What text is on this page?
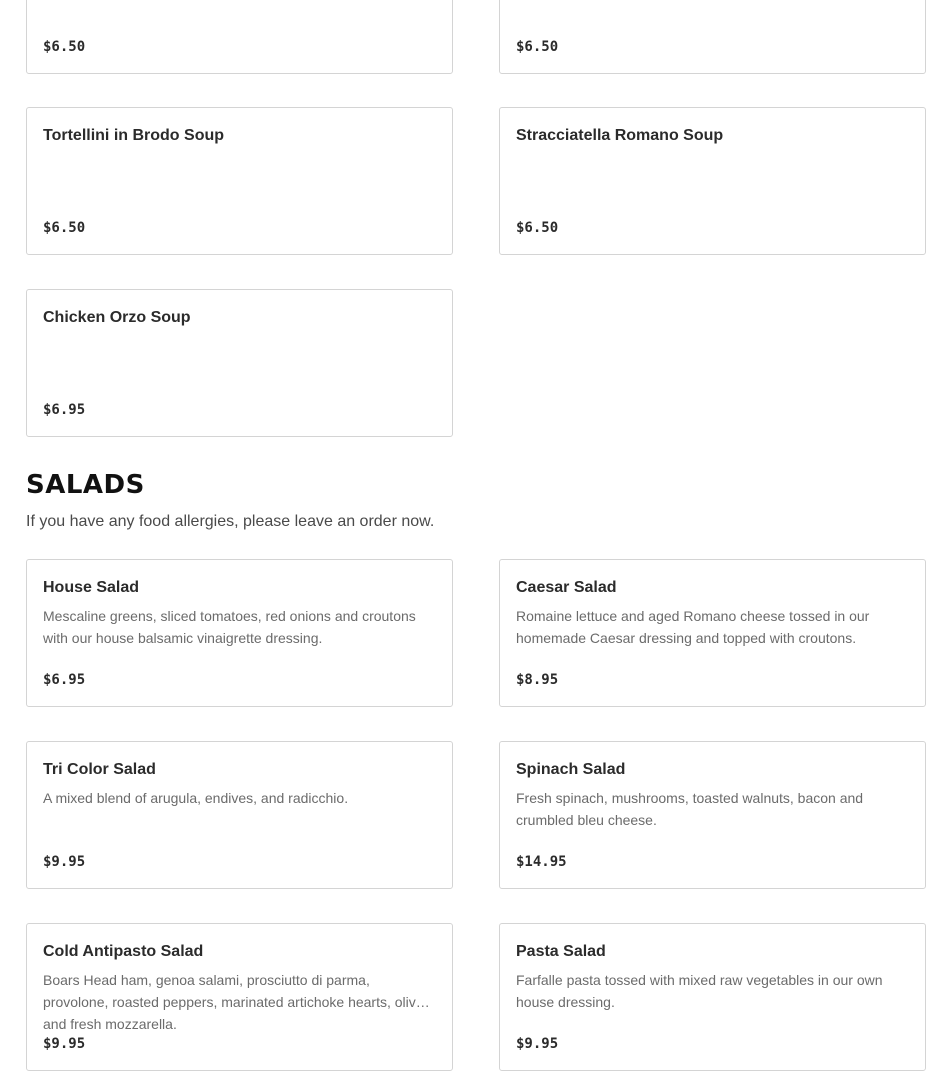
$6.50	$6.50
Tortellini in Brodo Soup
$6.50
Stracciatella Romano Soup
$6.50
Chicken Orzo Soup
$6.95
SALADS

If you have any food allergies, please leave an order now.

House Salad
Mescaline greens, sliced tomatoes, red onions and croutons with our house balsamic vinaigrette dressing.
$6.95
Caesar Salad
Romaine lettuce and aged Romano cheese tossed in our homemade Caesar dressing and topped with croutons.
$8.95
Tri Color Salad
A mixed blend of arugula, endives, and radicchio.
$9.95
Spinach Salad
Fresh spinach, mushrooms, toasted walnuts, bacon and crumbled bleu cheese.
$14.95
Cold Antipasto Salad
Boars Head ham, genoa salami, prosciutto di parma, provolone, roasted peppers, marinated artichoke hearts, olives and fresh mozzarella.
$9.95
Pasta Salad
Farfalle pasta tossed with mixed raw vegetables in our own house dressing.
$9.95
